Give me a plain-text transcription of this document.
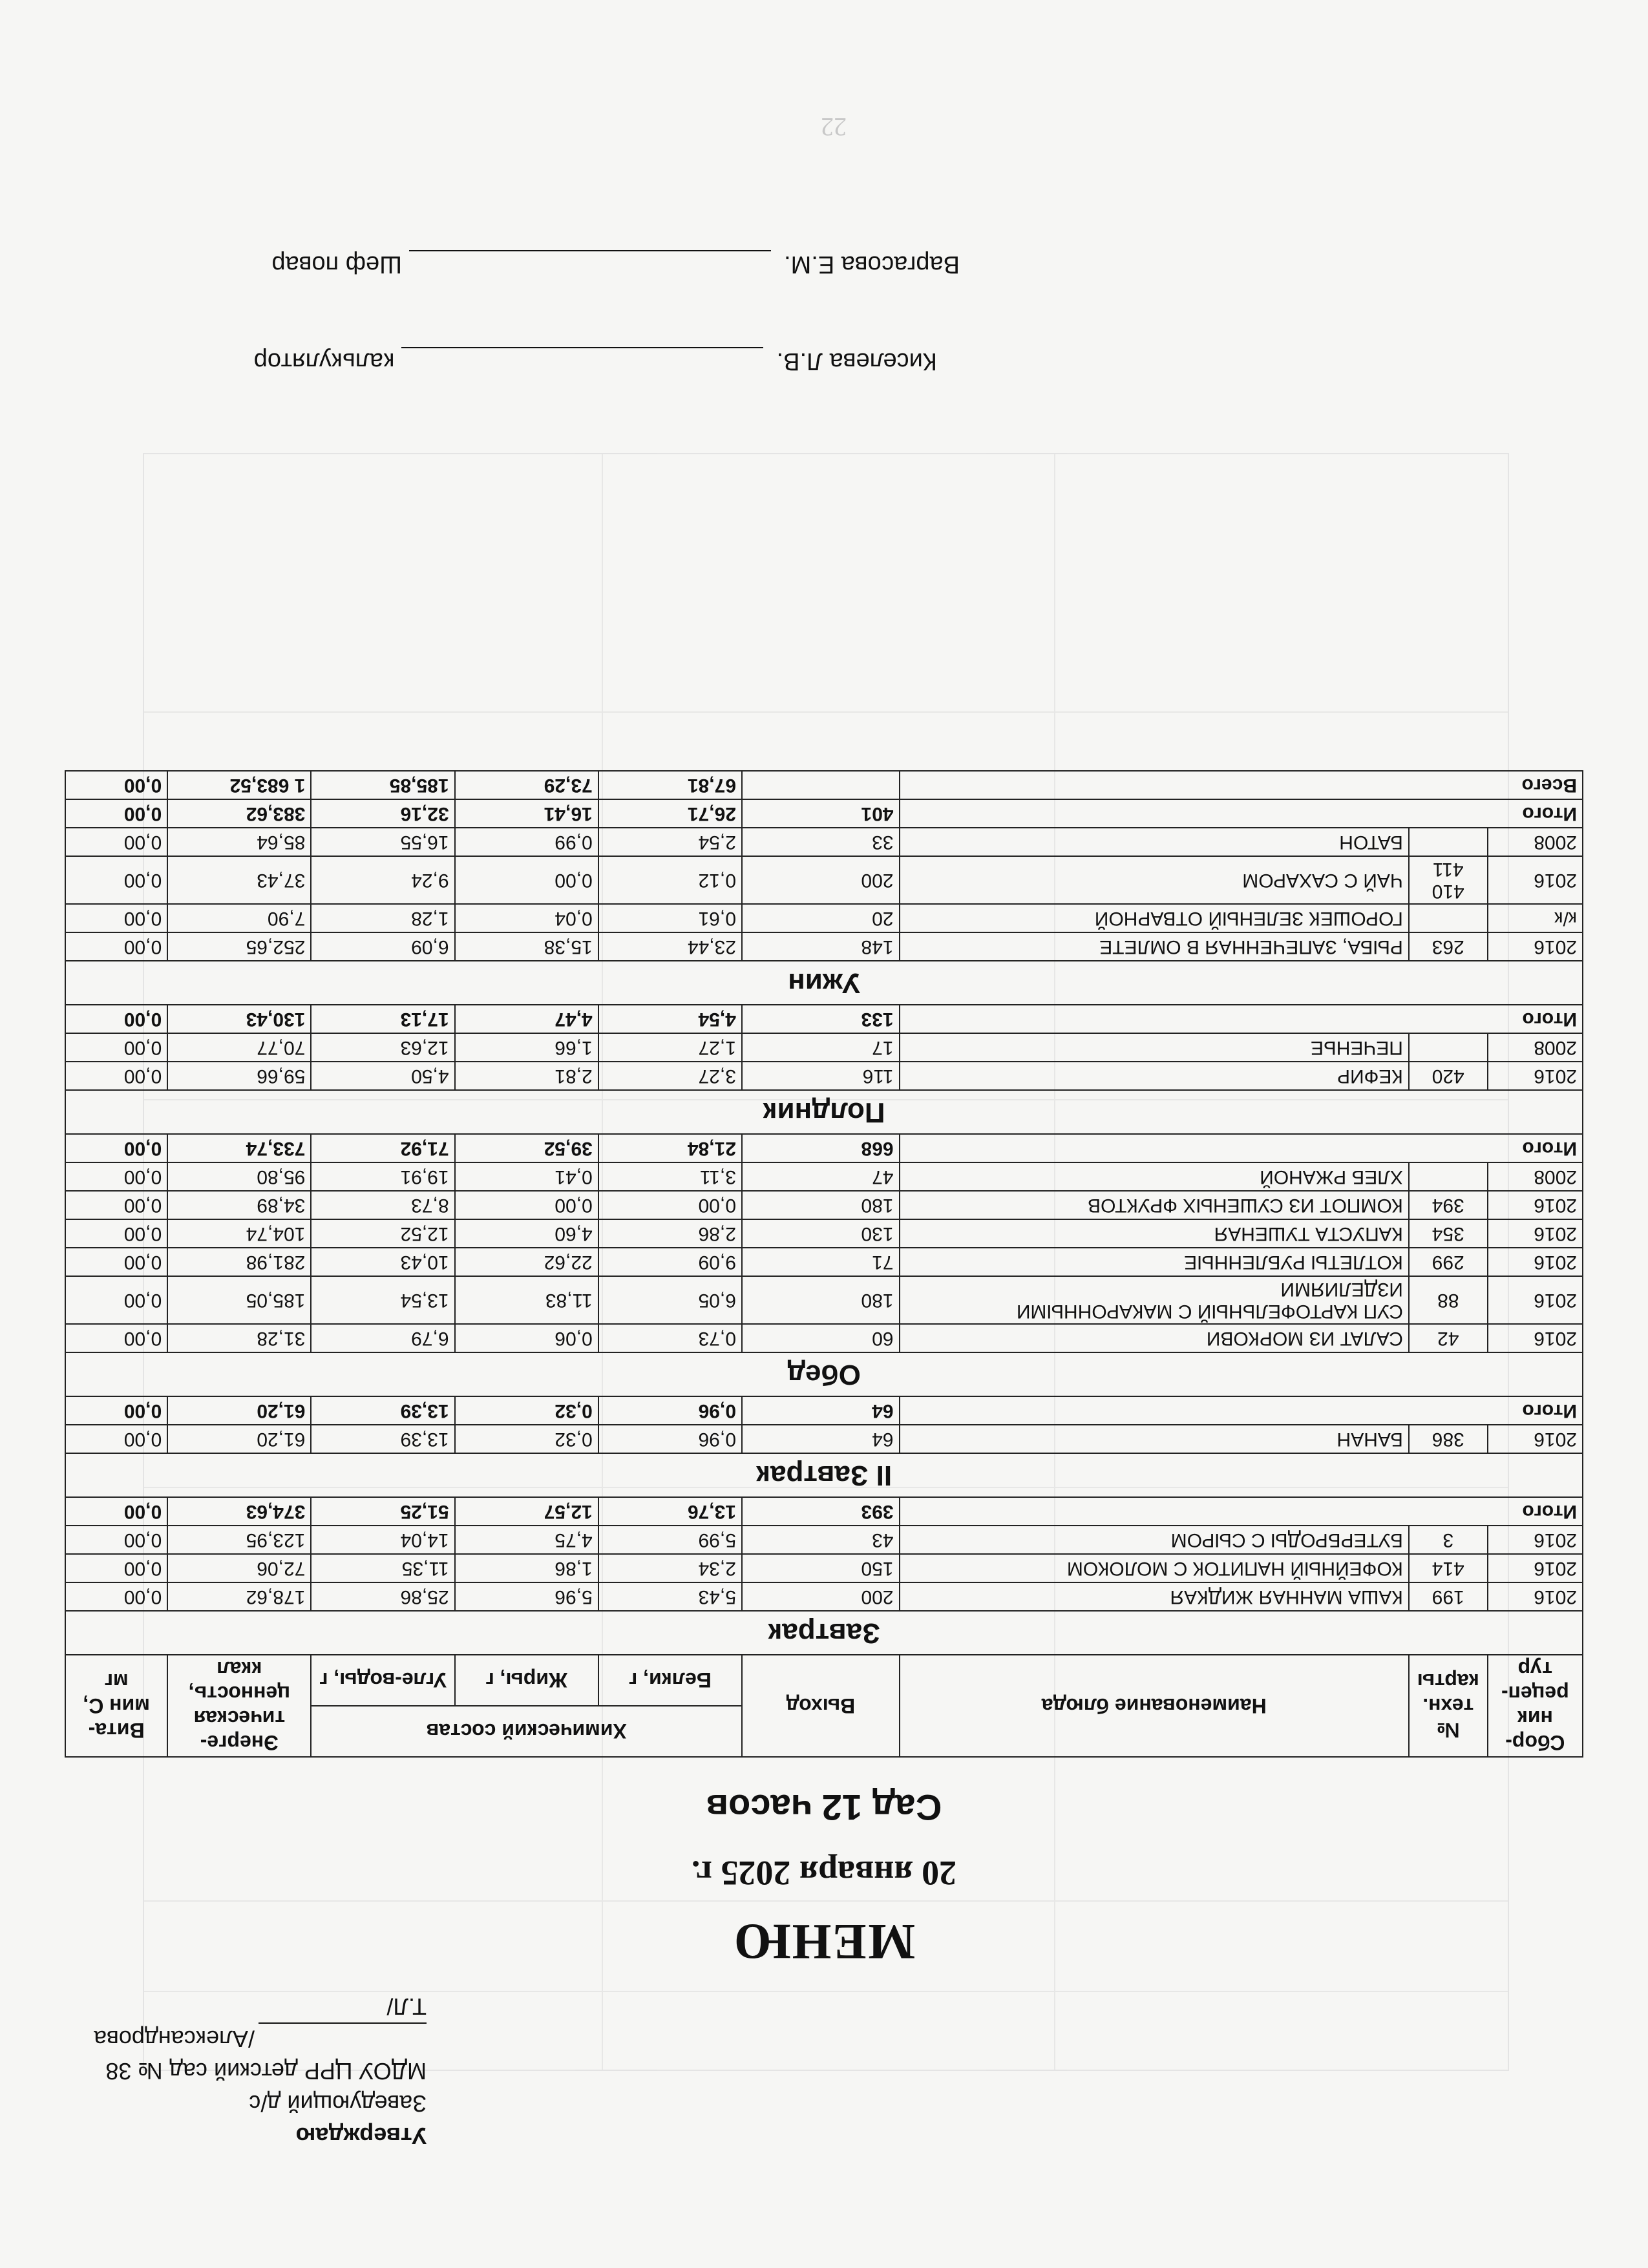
Утверждаю
Заведующий д/с
МДОУ ЦРР детский сад № 38
/Александрова Т.Л/
МЕНЮ
20 января 2025 г.
Сад 12 часов
Сбор-ник рецеп-тур	№ техн. карты	Наименование блюда	Выход	Химический состав			Энерге-тическая ценность, ккал	Вита-мин С, мг
				Белки, г	Жиры, г	Угле-воды, г		
Завтрак								
2016	199	КАША МАННАЯ ЖИДКАЯ	200	5,43	5,96	25,86	178,62	0,00
2016	414	КОФЕЙНЫЙ НАПИТОК С МОЛОКОМ	150	2,34	1,86	11,35	72,06	0,00
2016	3	БУТЕРБРОДЫ С СЫРОМ	43	5,99	4,75	14,04	123,95	0,00
Итого			393	13,76	12,57	51,25	374,63	0,00
II Завтрак								
2016	386	БАНАН	64	0,96	0,32	13,39	61,20	0,00
Итого			64	0,96	0,32	13,39	61,20	0,00
Обед								
2016	42	САЛАТ ИЗ МОРКОВИ	60	0,73	0,06	6,79	31,28	0,00
2016	88	СУП КАРТОФЕЛЬНЫЙ С МАКАРОННЫМИ ИЗДЕЛИЯМИ	180	6,05	11,83	13,54	185,05	0,00
2016	299	КОТЛЕТЫ РУБЛЕННЫЕ	71	9,09	22,62	10,43	281,98	0,00
2016	354	КАПУСТА ТУШЕНАЯ	130	2,86	4,60	12,52	104,74	0,00
2016	394	КОМПОТ ИЗ СУШЕНЫХ ФРУКТОВ	180	0,00	0,00	8,73	34,89	0,00
2008		ХЛЕБ РЖАНОЙ	47	3,11	0,41	19,91	95,80	0,00
Итого			668	21,84	39,52	71,92	733,74	0,00
Полдник								
2016	420	КЕФИР	116	3,27	2,81	4,50	59,66	0,00
2008		ПЕЧЕНЬЕ	17	1,27	1,66	12,63	70,77	0,00
Итого			133	4,54	4,47	17,13	130,43	0,00
Ужин								
2016	263	РЫБА, ЗАПЕЧЕННАЯ В ОМЛЕТЕ	148	23,44	15,38	6,09	252,65	0,00
к/к		ГОРОШЕК ЗЕЛЕНЫЙ ОТВАРНОЙ	20	0,61	0,04	1,28	7,90	0,00
2016	410 411	ЧАЙ С САХАРОМ	200	0,12	0,00	9,24	37,43	0,00
2008		БАТОН	33	2,54	0,99	16,55	85,64	0,00
Итого			401	26,71	16,41	32,16	383,62	0,00
Всего				67,81	73,29	185,85	1 683,52	0,00
Киселева Л.В.  калькулятор
Варгасова Е.М.  Шеф повар
22
